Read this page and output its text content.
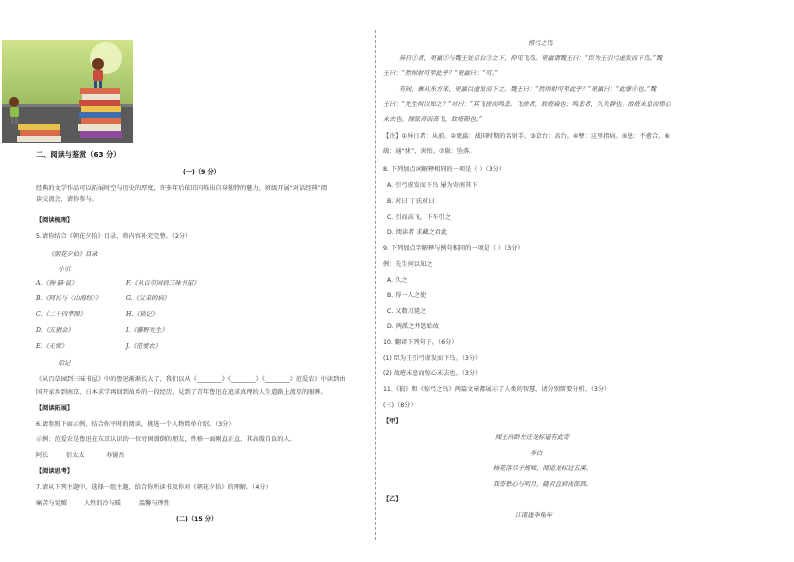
二、阅读与鉴赏（63 分）
(一)（9 分）
经典的文学作品可以拓展时空与历史的厚度，许多年后依旧闪烁出自身独特的魅力，班级开展“对话经典”阅
读交流会，请你参与。
【阅读梳理】
5.请你结合《朝花夕拾》目录，将内容补充完整。（2分）
《朝花夕拾》目录
小引
A.《狗·猫·鼠》	F.《从百草园到三味书屋》
B.《阿长与〈山海经〉》	G.《父亲的病》
C.《二十四孝图》	H.《琐记》
D.《五猖会》	I.《藤野先生》
E.《无常》	J.《范爱农》
后记
《从百草园到三味书屋》中的鲁迅渐渐长大了，我们以从《________》《________》《________》范爱农》中读到由
国开家乡到南京、日本求学再回到故乡的一段经历，見到了青年鲁迅在追求真理的人生道路上流星的眼眸。
【阅读拓展】
6.请参照下面示例，结合你平时的阅读，挑选一个人物简单介绍。（3分）
示例：范爱农是鲁迅在东京认识的一位穷困潦倒的朋友，性格一面刚直正直、其高傲自負的人。
阿长	衍太太	寿镜吾
【阅读思考】
7.请从下列主题中，选择一组主题，结合你所读书及你对《朝花夕拾》的理解。（4分）
痛苦与觉醒	人性的冷与暖	温馨与理性
(二)（15 分）
惊弓之鸟
异日①者，更羸②与魏王处京台③之下，仰见飞鸟。更羸谓魏王曰：“臣为王引弓虚发而下鸟。”魏
王曰：“然则射可至此乎？”更羸曰：“可。”
有间，雁从东方来，更羸以虚发而下之。魏王曰：“然则射可至此乎？”更羸曰：“此孽④也。”魏
王曰：“先生何以知之？”对曰：“其飞徐而鸣悲。飞徐者，故疮痛也；鸣悲者，久失群也。故疮未息而惊心
未去也。闻弦音而高飞，故疮陨也。”
【注】①异日者：从前。②更羸：战国时期的名射手。③京台：高台。④孽：这里指病。⑤息：不愈合。⑥
疏：通“怵”，害怕。⑦陨：坠落。
8. 下列加点词解释相同的一项是（ ）（3分）
A. 引弓虚发而下鸟 屡为寄南其下
B. 对曰 丁氏对曰
C. 引而高飞，下车引之
D. 阅读者 求藏之君此
9. 下列加点字解释与例句相同的一项是（ ）（3分）
例：先生何以知之
A. 久之
B. 得一人之使
C. 又数刀毙之
D. 两派之井惩始故
10. 翻译下列句子。（6分）
(1) 臣为王引弓虚发而下鸟。（3分）
(2) 故疮未息而惊心未去也。（3分）
11.《狼》和《惊弓之鸟》两篇文章都展示了人类的智慧，请分别简要分析。（3分）
(三)（8分）
【甲】
闻王昌龄左迁龙标遥有此寄
李白
杨花落尽子规啼，闻道龙标过五溪。
我寄愁心与明月，随君直到夜郎西。
【乙】
江南逢李龟年
